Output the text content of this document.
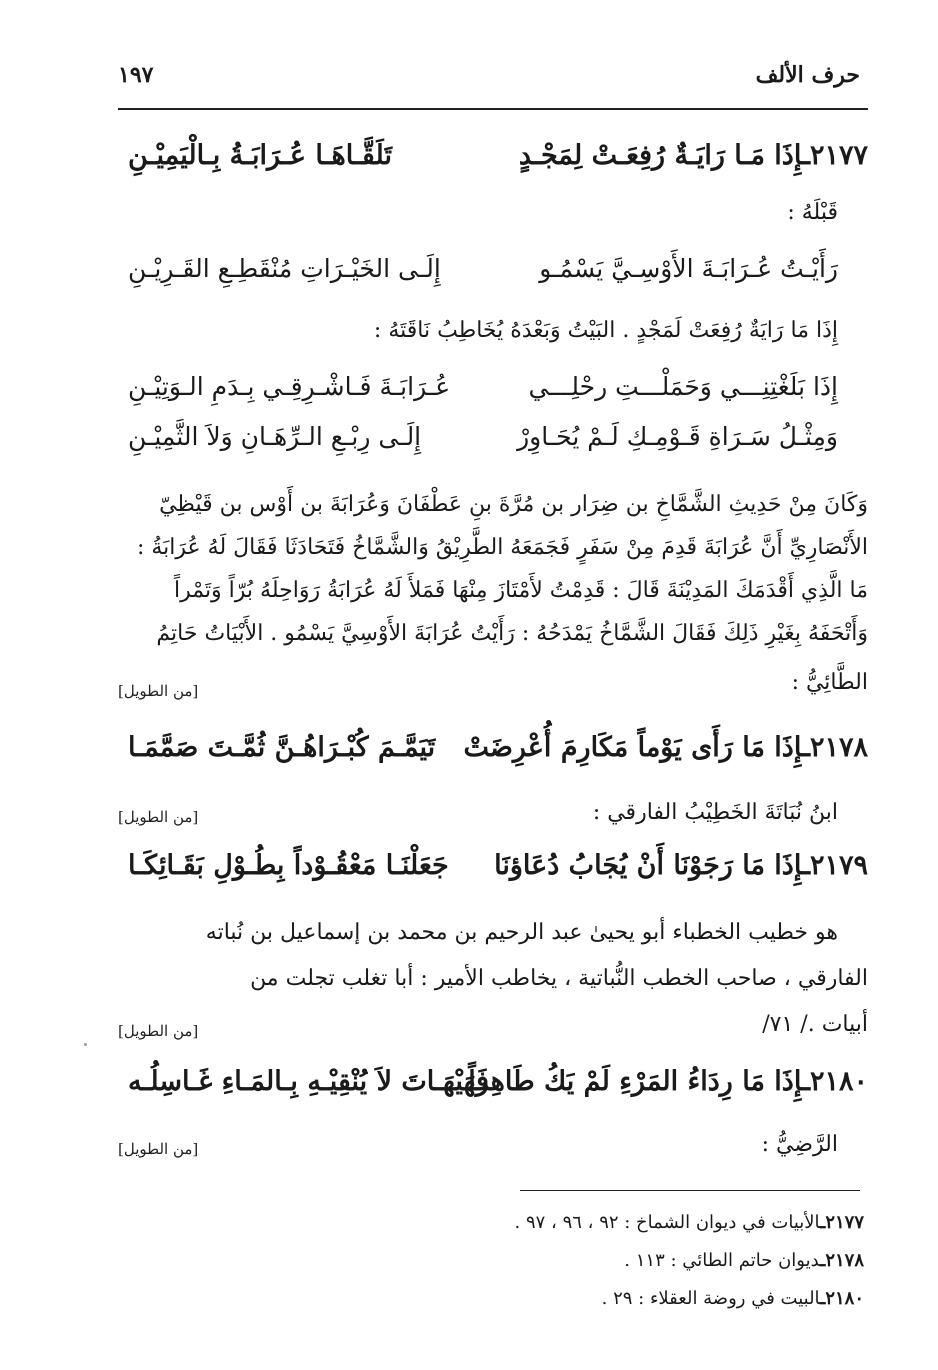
حرف الألف
١٩٧
٢١٧٧ـإِذَا مَـا رَايَـةٌ رُفِعَـتْ لِمَجْـدٍ
تَلَقَّـاهَـا عُـرَابَـةُ بِـالْيَمِيْـنِ
قَبْلَهُ :
رَأَيْـتُ عُـرَابَـةَ الأَوْسِـيَّ يَسْمُـو
إِلَـى الخَيْـرَاتِ مُنْقَطِـعِ القَـرِيْـنِ
إِذَا مَا رَايَةٌ رُفِعَتْ لَمَجْدٍ . البَيْتُ وَبَعْدَهُ يُخَاطِبُ نَاقَتَهُ :
إِذَا بَلَغْتِنِـــي وَحَمَلْـــتِ رحْلِـــي
عُـرَابَـةَ فَـاشْـرِقِـي بِـدَمِ الـوَتِيْـنِ
وَمِثْـلُ سَـرَاةِ قَـوْمِـكِ لَـمْ يُحَـاوِرْ
إِلَـى رِبْـعِ الـرِّهَـانِ وَلاَ الثَّمِيْـنِ
وَكَانَ مِنْ حَدِيثِ الشَّمَّاخِ بن ضِرَار بن مُرَّةَ بنِ عَطْفَانَ وَعُرَابَةَ بن أَوْس بن قَيْظِيّ
الأَنْصَارِيِّ أَنَّ عُرَابَةَ قَدِمَ مِنْ سَفَرٍ فَجَمَعَهُ الطَّرِيْقُ وَالشَّمَّاخُ فَتَحَادَثَا فَقَالَ لَهُ عُرَابَةُ :
مَا الَّذِي أَقْدَمَكَ المَدِيْنَةَ قَالَ : قَدِمْتُ لأَمْتَازَ مِنْهَا فَمَلأَ لَهُ عُرَابَةُ رَوَاحِلَهُ بُرّاً وَتَمْراً
وَأَتْحَفَهُ بِغَيْرِ ذَلِكَ فَقَالَ الشَّمَّاخُ يَمْدَحُهُ : رَأَيْتُ عُرَابَةَ الأَوْسِيَّ يَسْمُو . الأَبْيَاتُ حَاتِمُ
الطَّائِيُّ :
[من الطويل]
٢١٧٨ـإِذَا مَا رَأَى يَوْماً مَكَارِمَ أُعْرِضَتْ
تَيَمَّـمَ كُبْـرَاهُـنَّ ثُمَّـتَ صَمَّمَـا
ابنُ نُبَاتَةَ الخَطِيْبُ الفارقي :
[من الطويل]
٢١٧٩ـإِذَا مَا رَجَوْنَا أَنْ يُجَابُ دُعَاؤنَا
جَعَلْنَـا مَعْقُـوْداً بِطُـوْلِ بَقَـائِكَـا
هو خطيب الخطباء أبو يحيىٰ عبد الرحيم بن محمد بن إسماعيل بن نُباته
الفارقي ، صاحب الخطب النُّباتية ، يخاطب الأمير : أبا تغلب تجلت من
أبيات ./ ٧١/
[من الطويل]
٢١٨٠ـإِذَا مَا رِدَاءُ المَرْءِ لَمْ يَكُ طَاهِراً
فَهَيْهَـاتَ لاَ يُنْقِيْـهِ بِـالمَـاءِ غَـاسِلُـه
الرَّضِيُّ :
[من الطويل]
٢١٧٧ـالأبيات في ديوان الشماخ : ٩٢ ، ٩٦ ، ٩٧ .
٢١٧٨ـديوان حاتم الطائي : ١١٣ .
٢١٨٠ـالبيت في روضة العقلاء : ٢٩ .
